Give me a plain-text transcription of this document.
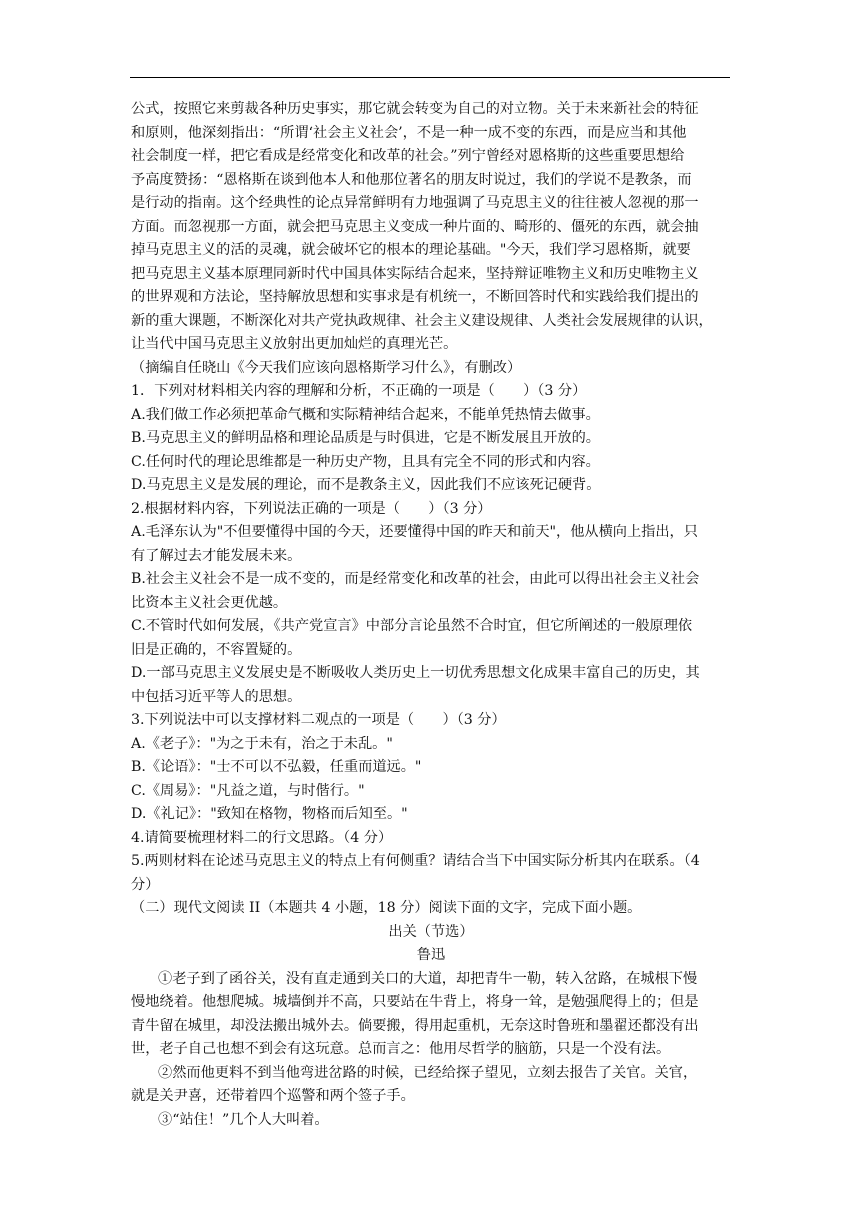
公式，按照它来剪裁各种历史事实，那它就会转变为自己的对立物。关于未来新社会的特征
和原则，他深刻指出：“所谓‘社会主义社会’，不是一种一成不变的东西，而是应当和其他
社会制度一样，把它看成是经常变化和改革的社会。”列宁曾经对恩格斯的这些重要思想给
予高度赞扬：“恩格斯在谈到他本人和他那位著名的朋友时说过，我们的学说不是教条，而
是行动的指南。这个经典性的论点异常鲜明有力地强调了马克思主义的往往被人忽视的那一
方面。而忽视那一方面，就会把马克思主义变成一种片面的、畸形的、僵死的东西，就会抽
掉马克思主义的活的灵魂，就会破坏它的根本的理论基础。"今天，我们学习恩格斯，就要
把马克思主义基本原理同新时代中国具体实际结合起来，坚持辩证唯物主义和历史唯物主义
的世界观和方法论，坚持解放思想和实事求是有机统一，不断回答时代和实践给我们提出的
新的重大课题，不断深化对共产党执政规律、社会主义建设规律、人类社会发展规律的认识，
让当代中国马克思主义放射出更加灿烂的真理光芒。
（摘编自任晓山《今天我们应该向恩格斯学习什么》，有删改）
1．下列对材料相关内容的理解和分析，不正确的一项是（　　）（3 分）
A.我们做工作必须把革命气概和实际精神结合起来，不能单凭热情去做事。
B.马克思主义的鲜明品格和理论品质是与时俱进，它是不断发展且开放的。
C.任何时代的理论思维都是一种历史产物，且具有完全不同的形式和内容。
D.马克思主义是发展的理论，而不是教条主义，因此我们不应该死记硬背。
2.根据材料内容，下列说法正确的一项是（　　）（3 分）
A.毛泽东认为"不但要懂得中国的今天，还要懂得中国的昨天和前天"，他从横向上指出，只
有了解过去才能发展未来。
B.社会主义社会不是一成不变的，而是经常变化和改革的社会，由此可以得出社会主义社会
比资本主义社会更优越。
C.不管时代如何发展，《共产党宣言》中部分言论虽然不合时宜，但它所阐述的一般原理依
旧是正确的，不容置疑的。
D.一部马克思主义发展史是不断吸收人类历史上一切优秀思想文化成果丰富自己的历史，其
中包括习近平等人的思想。
3.下列说法中可以支撑材料二观点的一项是（　　）（3 分）
A.《老子》："为之于未有，治之于未乱。"
B.《论语》："士不可以不弘毅，任重而道远。"
C.《周易》："凡益之道，与时偕行。"
D.《礼记》："致知在格物，物格而后知至。"
4.请简要梳理材料二的行文思路。（4 分）
5.两则材料在论述马克思主义的特点上有何侧重？请结合当下中国实际分析其内在联系。（4
分）
（二）现代文阅读 II（本题共 4 小题，18 分）阅读下面的文字，完成下面小题。
出关（节选）
鲁迅
①老子到了函谷关，没有直走通到关口的大道，却把青牛一勒，转入岔路，在城根下慢
慢地绕着。他想爬城。城墙倒并不高，只要站在牛背上，将身一耸，是勉强爬得上的；但是
青牛留在城里，却没法搬出城外去。倘要搬，得用起重机，无奈这时鲁班和墨翟还都没有出
世，老子自己也想不到会有这玩意。总而言之：他用尽哲学的脑筋，只是一个没有法。
②然而他更料不到当他弯进岔路的时候，已经给探子望见，立刻去报告了关官。关官，
就是关尹喜，还带着四个巡警和两个签子手。
③“站住！”几个人大叫着。
